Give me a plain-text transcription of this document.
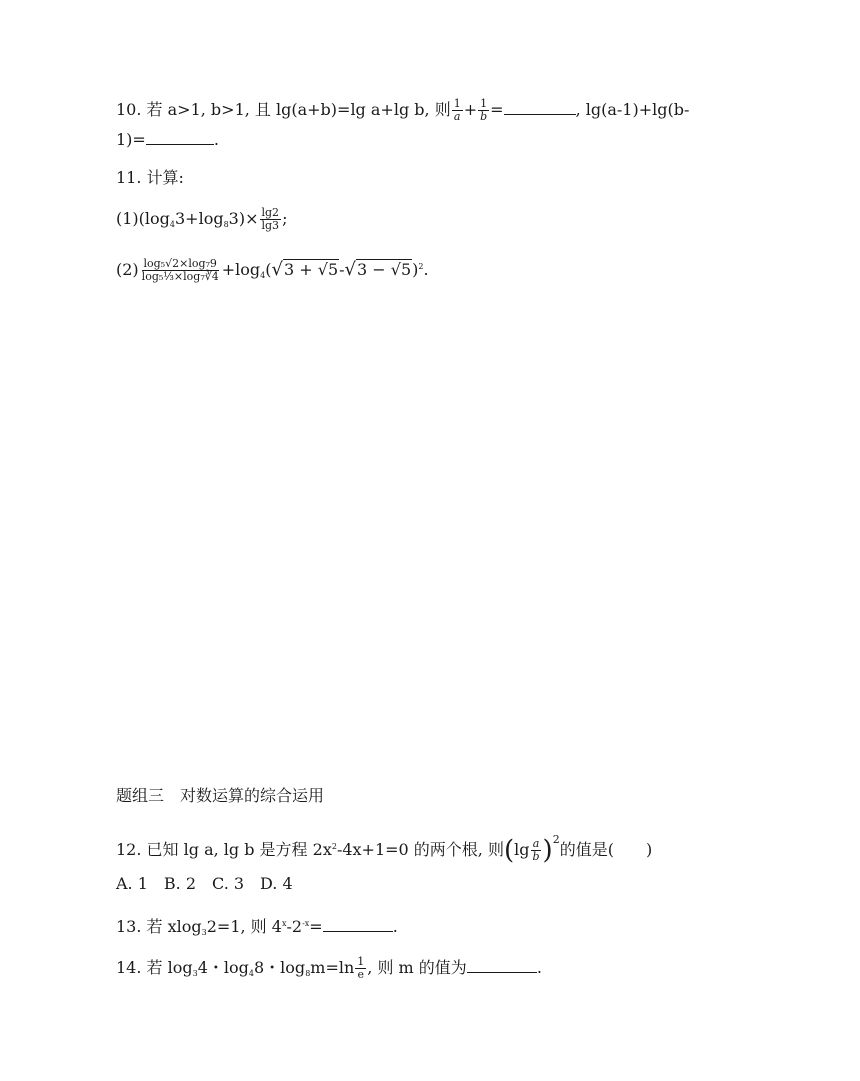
10. 若 a>1, b>1, 且 lg(a+b)=lg a+lg b, 则 $\frac{1}{a} + \frac{1}{b}$ =	, lg(a-1)+lg(b-
1)=	.
11. 计算:
$(1)(\log_43+\log_83)\times \frac{\lg 2}{\lg 3}$ ;
$(2) \frac{\text{log₅√2×log₇9}}{\text{log₅⅓×log₇∛4}} +\log_4(√3 + √5-√3 - √5)^2$.
题组三　对数运算的综合运用
12. 已知 lg a, lg b 是方程 $2x^2-4x+1=0$ 的两个根, 则$(\lg \frac{a}{b} )^2$的值是(　　)
A. 1　B. 2　C. 3　D. 4
13. 若 xlog$_3$2=1, 则 $4^x-2^{-x}=$	.
14. 若 $\log_34$・$\log_48$・$\log_8m=\ln \frac{1}{e}$ , 则 m 的值为	.
